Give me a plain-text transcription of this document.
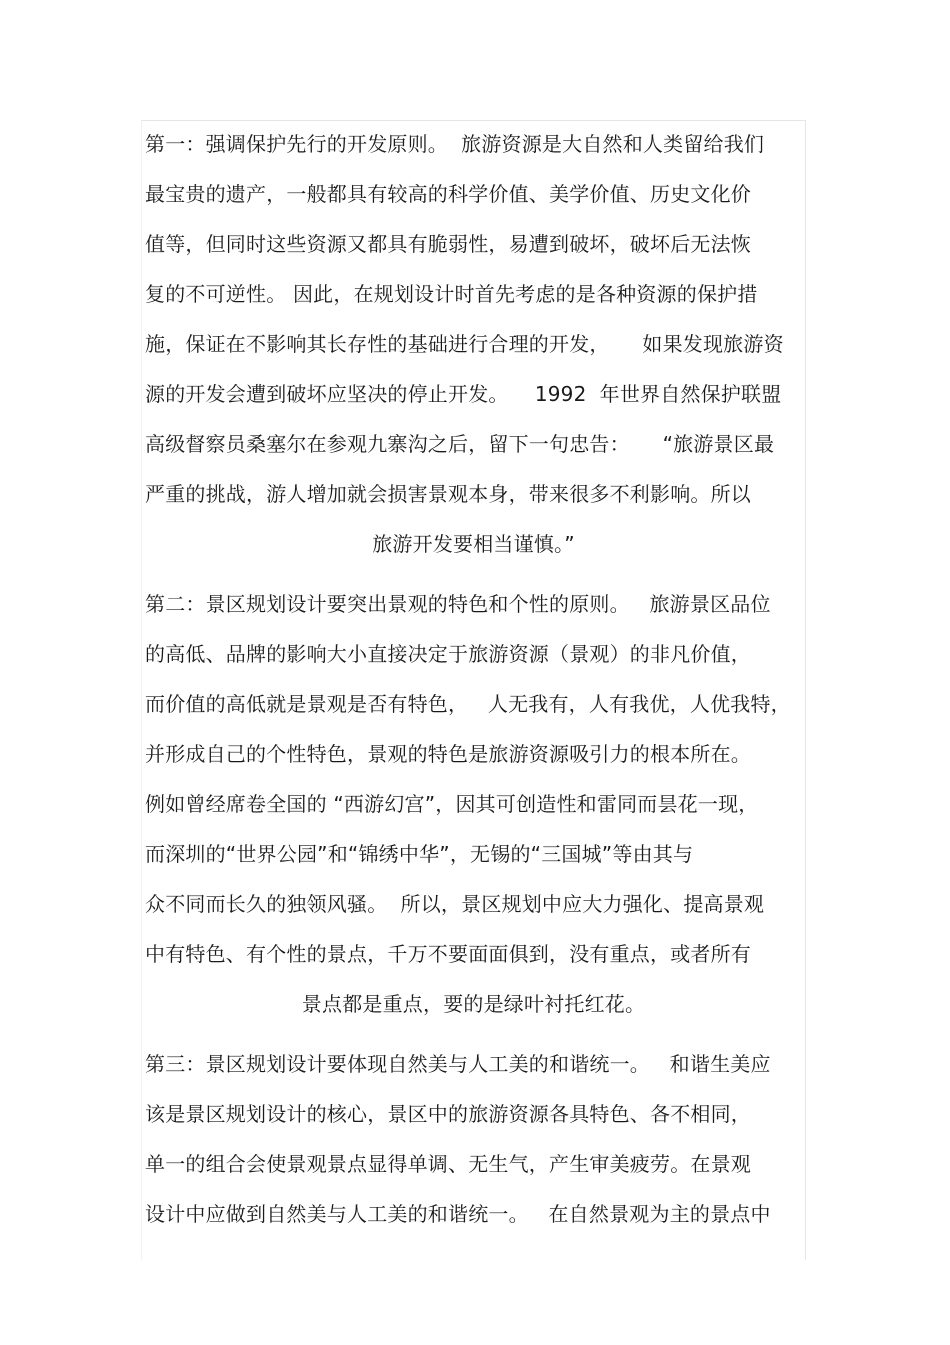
第一：强调保护先行的开发原则。  旅游资源是大自然和人类留给我们
最宝贵的遗产，一般都具有较高的科学价值、美学价值、历史文化价
值等，但同时这些资源又都具有脆弱性，易遭到破坏，破坏后无法恢
复的不可逆性。 因此，在规划设计时首先考虑的是各种资源的保护措
施，保证在不影响其长存性的基础进行合理的开发，     如果发现旅游资
源的开发会遭到破坏应坚决的停止开发。    1992  年世界自然保护联盟
高级督察员桑塞尔在参观九寨沟之后，留下一句忠告：     “旅游景区最
严重的挑战，游人增加就会损害景观本身，带来很多不利影响。所以
旅游开发要相当谨慎。”
第二：景区规划设计要突出景观的特色和个性的原则。   旅游景区品位
的高低、品牌的影响大小直接决定于旅游资源（景观）的非凡价值，
而价值的高低就是景观是否有特色，   人无我有，人有我优，人优我特，
并形成自己的个性特色，景观的特色是旅游资源吸引力的根本所在。
例如曾经席卷全国的 “西游幻宫”，因其可创造性和雷同而昙花一现，
而深圳的“世界公园”和“锦绣中华”，无锡的“三国城”等由其与
众不同而长久的独领风骚。  所以，景区规划中应大力强化、提高景观
中有特色、有个性的景点，千万不要面面俱到，没有重点，或者所有
景点都是重点，要的是绿叶衬托红花。
第三：景区规划设计要体现自然美与人工美的和谐统一。   和谐生美应
该是景区规划设计的核心，景区中的旅游资源各具特色、各不相同，
单一的组合会使景观景点显得单调、无生气，产生审美疲劳。在景观
设计中应做到自然美与人工美的和谐统一。   在自然景观为主的景点中
